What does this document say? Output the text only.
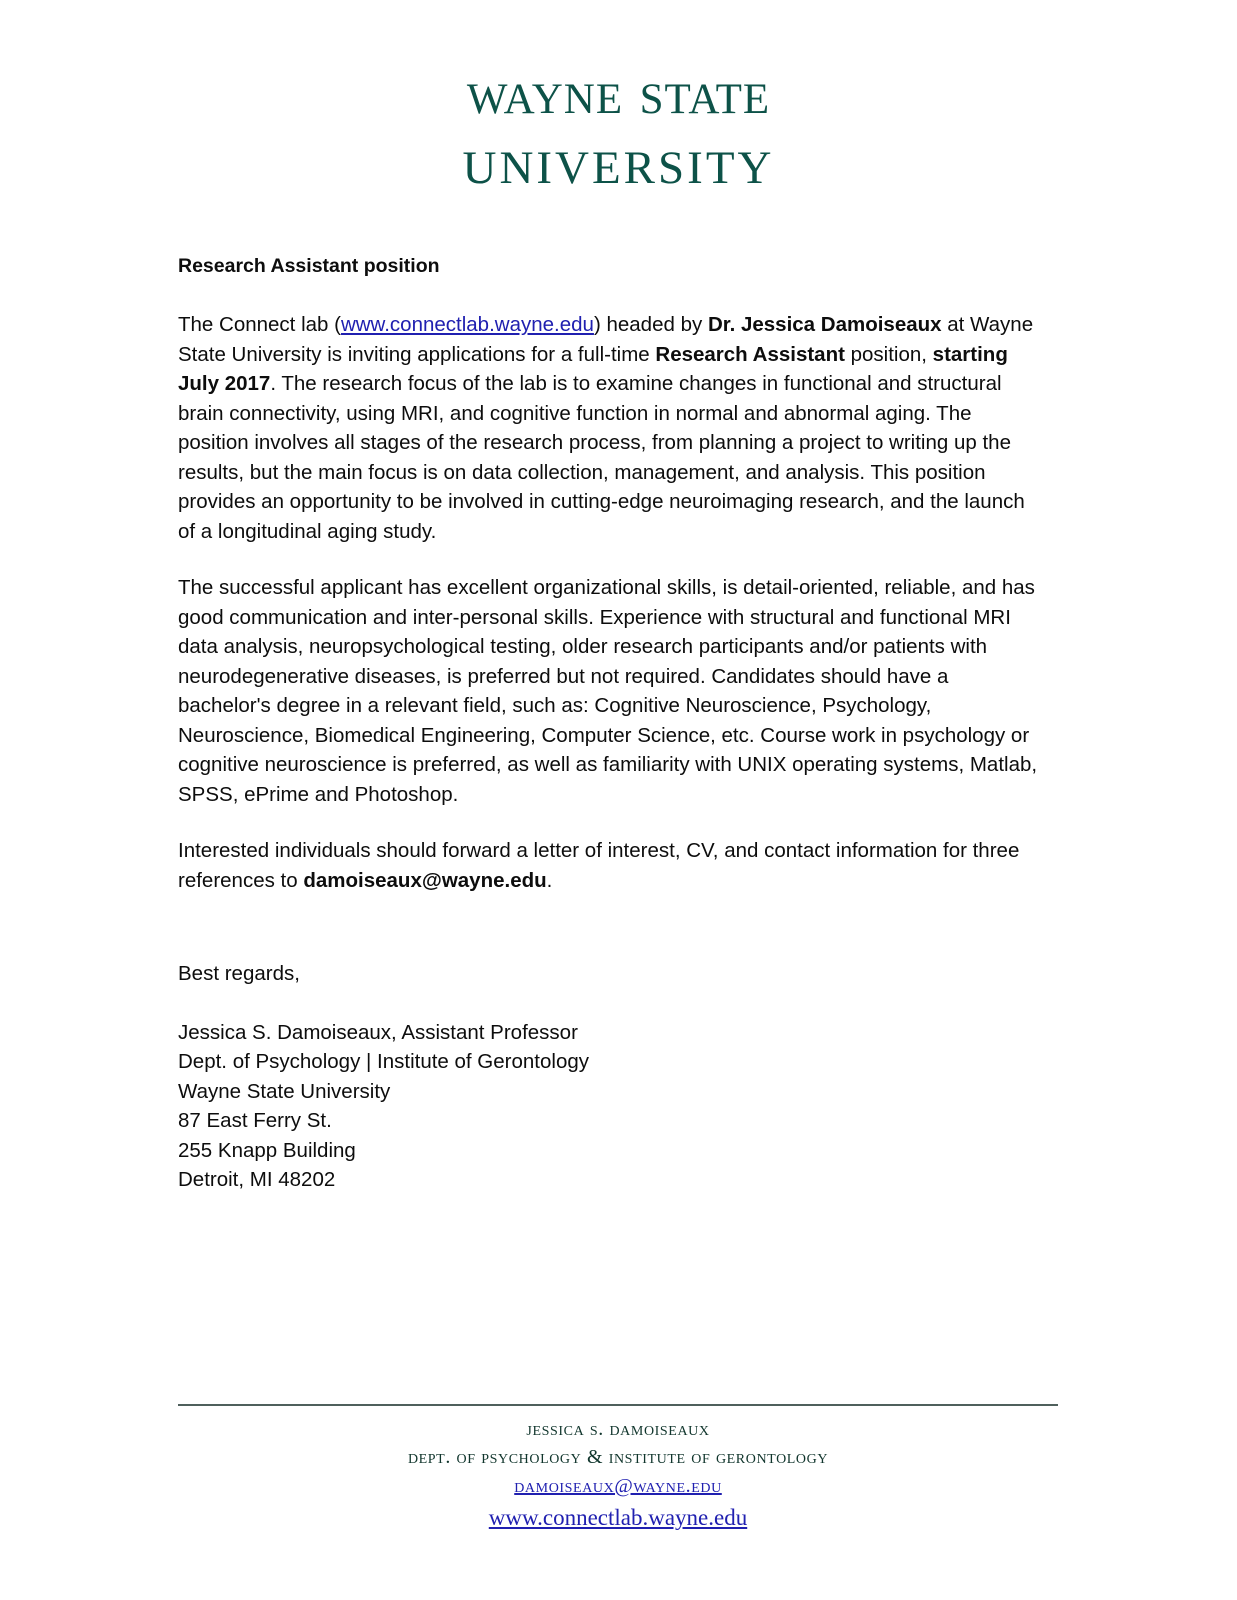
wayne state
university

Research Assistant position

The Connect lab (www.connectlab.wayne.edu) headed by Dr. Jessica Damoiseaux at Wayne State University is inviting applications for a full-time Research Assistant position, starting July 2017. The research focus of the lab is to examine changes in functional and structural brain connectivity, using MRI, and cognitive function in normal and abnormal aging. The position involves all stages of the research process, from planning a project to writing up the results, but the main focus is on data collection, management, and analysis. This position provides an opportunity to be involved in cutting-edge neuroimaging research, and the launch of a longitudinal aging study.

The successful applicant has excellent organizational skills, is detail-oriented, reliable, and has good communication and inter-personal skills. Experience with structural and functional MRI data analysis, neuropsychological testing, older research participants and/or patients with neurodegenerative diseases, is preferred but not required. Candidates should have a bachelor's degree in a relevant field, such as: Cognitive Neuroscience, Psychology, Neuroscience, Biomedical Engineering, Computer Science, etc. Course work in psychology or cognitive neuroscience is preferred, as well as familiarity with UNIX operating systems, Matlab, SPSS, ePrime and Photoshop.

Interested individuals should forward a letter of interest, CV, and contact information for three references to damoiseaux@wayne.edu.

Best regards,

Jessica S. Damoiseaux, Assistant Professor
Dept. of Psychology | Institute of Gerontology
Wayne State University
87 East Ferry St.
255 Knapp Building
Detroit, MI 48202
jessica s. damoiseaux
dept. of psychology & institute of gerontology
damoiseaux@wayne.edu
www.connectlab.wayne.edu
